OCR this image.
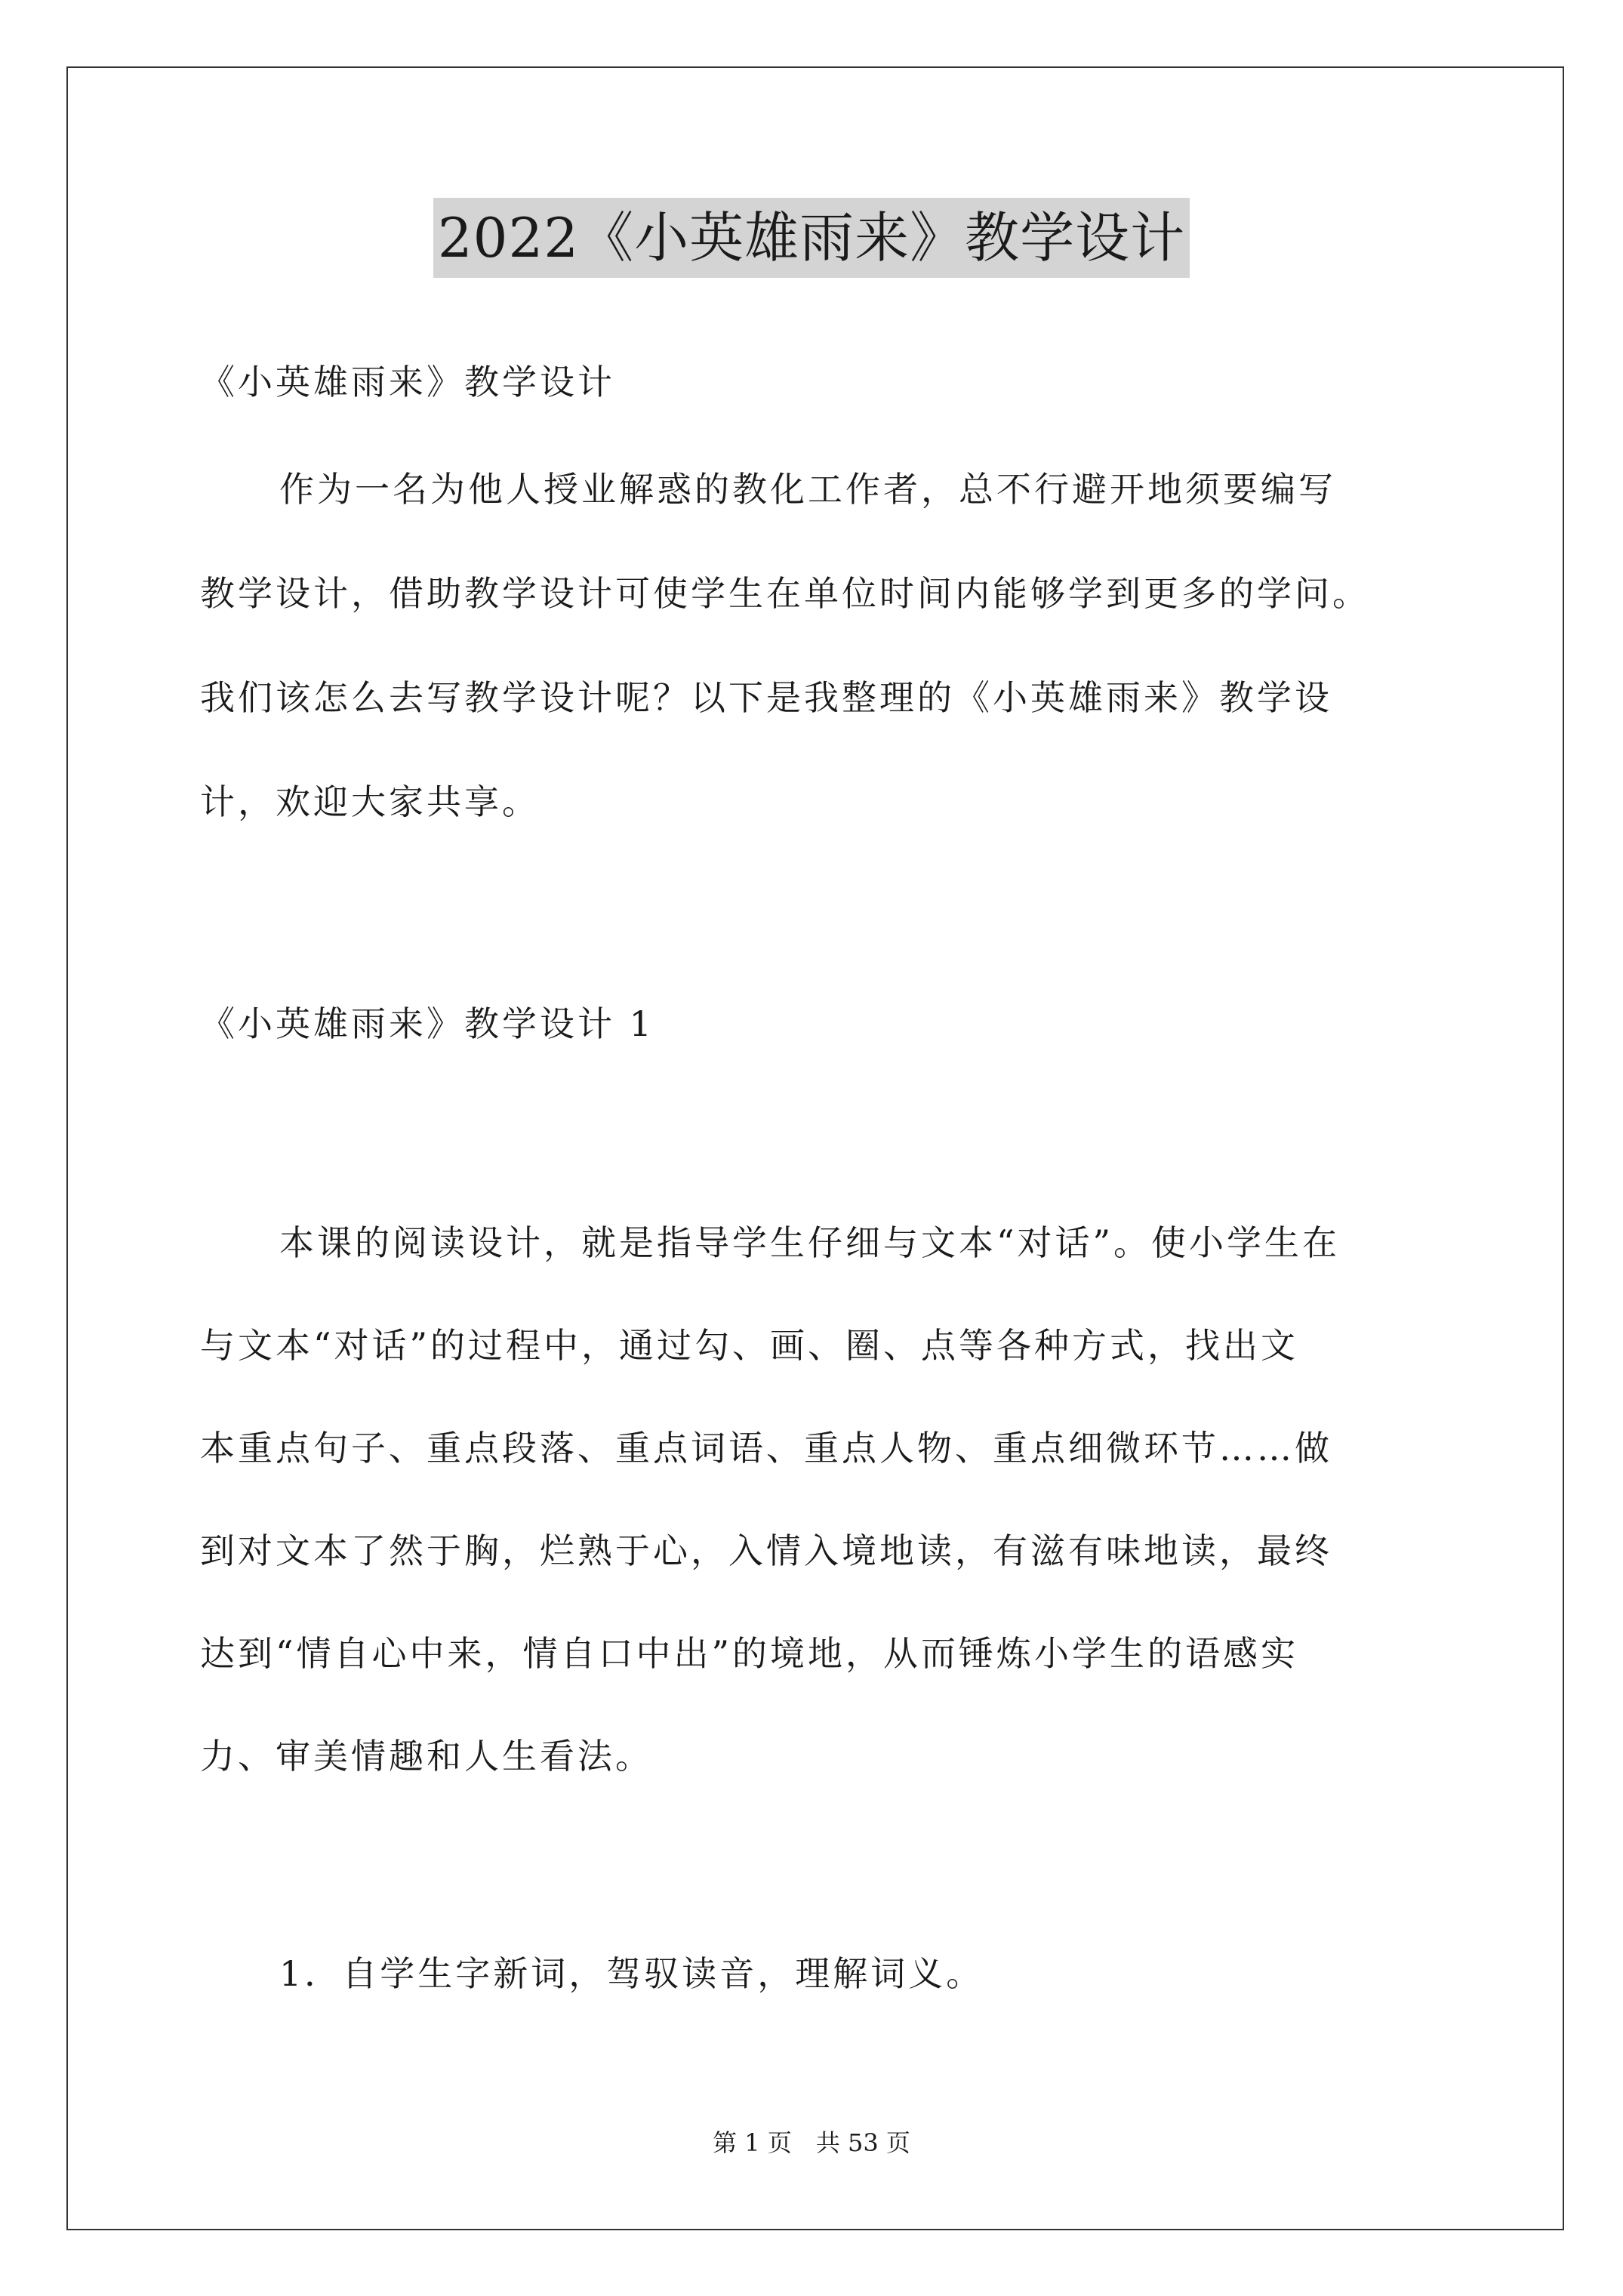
2022《小英雄雨来》教学设计
《小英雄雨来》教学设计
作为一名为他人授业解惑的教化工作者，总不行避开地须要编写
教学设计，借助教学设计可使学生在单位时间内能够学到更多的学问。
我们该怎么去写教学设计呢？以下是我整理的《小英雄雨来》教学设
计，欢迎大家共享。
《小英雄雨来》教学设计 1
本课的阅读设计，就是指导学生仔细与文本“对话”。使小学生在
与文本“对话”的过程中，通过勾、画、圈、点等各种方式，找出文
本重点句子、重点段落、重点词语、重点人物、重点细微环节……做
到对文本了然于胸，烂熟于心，入情入境地读，有滋有味地读，最终
达到“情自心中来，情自口中出”的境地，从而锤炼小学生的语感实
力、审美情趣和人生看法。
1．自学生字新词，驾驭读音，理解词义。
第 1 页　共 53 页
